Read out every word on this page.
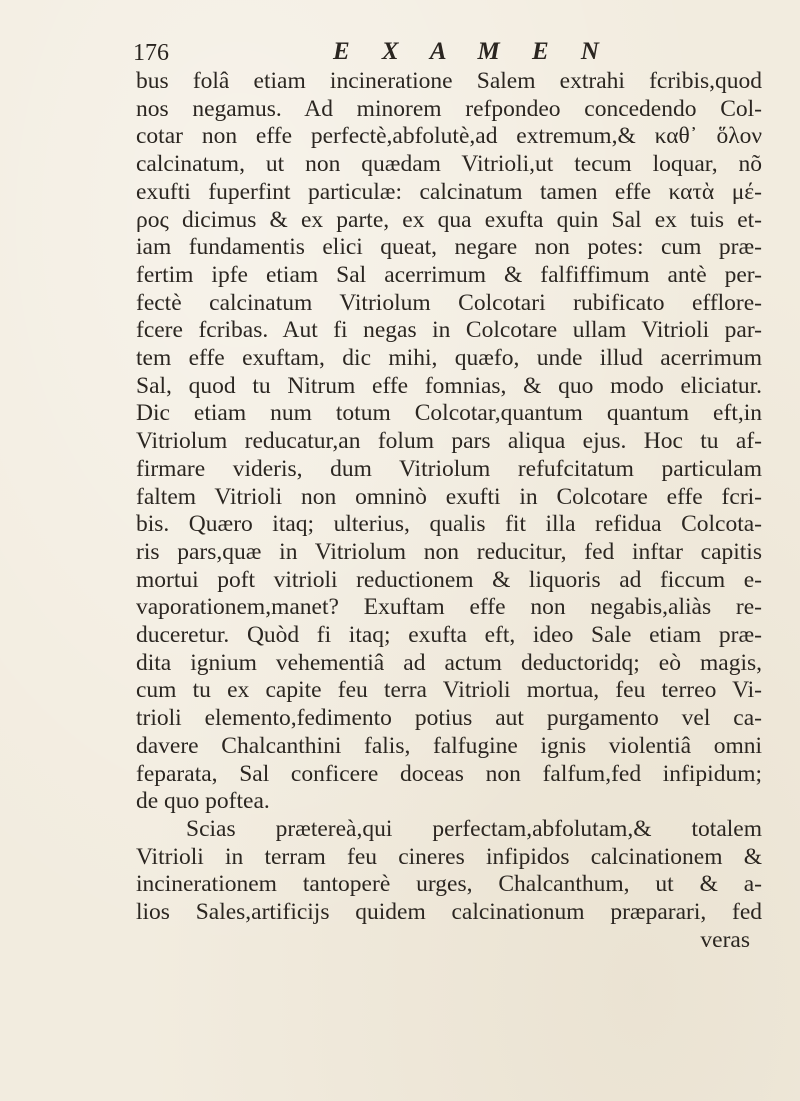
176	E X A M E N
bus folâ etiam incineratione Salem extrahi fcribis,quod
nos negamus. Ad minorem refpondeo concedendo Col-
cotar non effe perfectè,abfolutè,ad extremum,& καθ᾽ ὅλον
calcinatum, ut non quædam Vitrioli,ut tecum loquar, nõ
exufti fuperfint particulæ: calcinatum tamen effe κατὰ μέ-
ρος dicimus & ex parte, ex qua exufta quin Sal ex tuis et-
iam fundamentis elici queat, negare non potes: cum præ-
fertim ipfe etiam Sal acerrimum & falfiffimum antè per-
fectè calcinatum Vitriolum Colcotari rubificato efflore-
fcere fcribas. Aut fi negas in Colcotare ullam Vitrioli par-
tem effe exuftam, dic mihi, quæfo, unde illud acerrimum
Sal, quod tu Nitrum effe fomnias, & quo modo eliciatur.
Dic etiam num totum Colcotar,quantum quantum eft,in
Vitriolum reducatur,an folum pars aliqua ejus. Hoc tu af-
firmare videris, dum Vitriolum refufcitatum particulam
faltem Vitrioli non omninò exufti in Colcotare effe fcri-
bis. Quæro itaq; ulterius, qualis fit illa refidua Colcota-
ris pars,quæ in Vitriolum non reducitur, fed inftar capitis
mortui poft vitrioli reductionem & liquoris ad ficcum e-
vaporationem,manet? Exuftam effe non negabis,aliàs re-
duceretur. Quòd fi itaq; exufta eft, ideo Sale etiam præ-
dita ignium vehementiâ ad actum deductoridq; eò magis,
cum tu ex capite feu terra Vitrioli mortua, feu terreo Vi-
trioli elemento,fedimento potius aut purgamento vel ca-
davere Chalcanthini falis, falfugine ignis violentiâ omni
feparata, Sal conficere doceas non falfum,fed infipidum;
de quo poftea.
Scias prætereà,qui perfectam,abfolutam,& totalem
Vitrioli in terram feu cineres infipidos calcinationem &
incinerationem tantoperè urges, Chalcanthum, ut & a-
lios Sales,artificijs quidem calcinationum præparari, fed
veras
